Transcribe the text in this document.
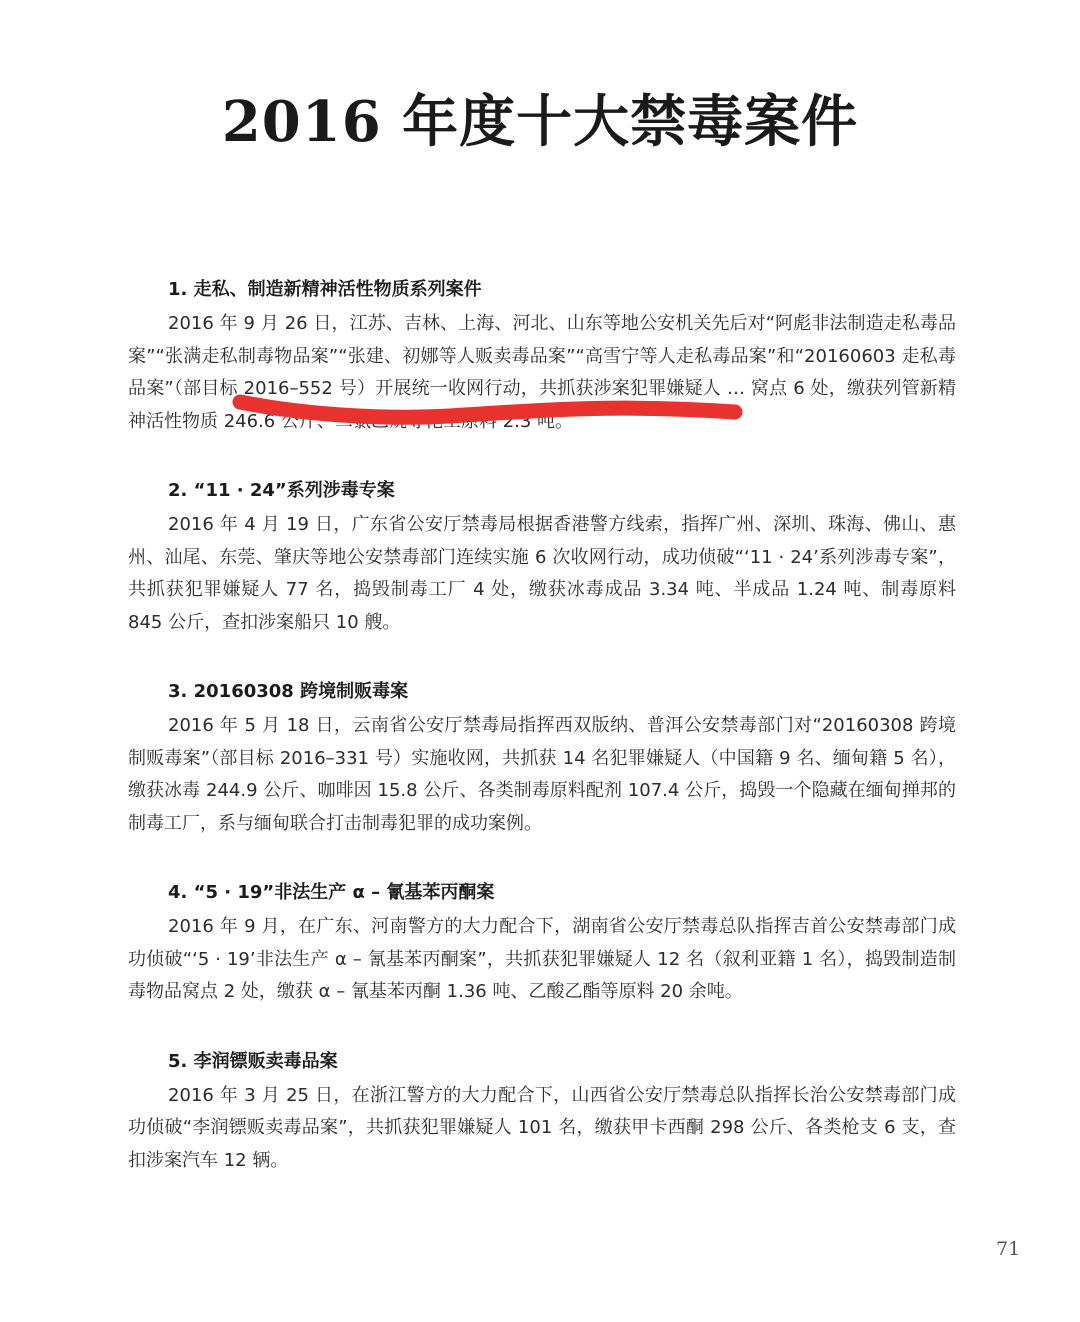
2016 年度十大禁毒案件

1. 走私、制造新精神活性物质系列案件

2016 年 9 月 26 日，江苏、吉林、上海、河北、山东等地公安机关先后对“阿彪非法制造走私毒品案”“张满走私制毒物品案”“张建、初娜等人贩卖毒品案”“高雪宁等人走私毒品案”和“20160603 走私毒品案”（部目标 2016–552 号）开展统一收网行动，共抓获涉案犯罪嫌疑人 … 窝点 6 处，缴获列管新精神活性物质 246.6 公斤、二氯乙烷等化工原料 2.3 吨。

2. “11 · 24”系列涉毒专案

2016 年 4 月 19 日，广东省公安厅禁毒局根据香港警方线索，指挥广州、深圳、珠海、佛山、惠州、汕尾、东莞、肇庆等地公安禁毒部门连续实施 6 次收网行动，成功侦破“‘11 · 24’系列涉毒专案”，共抓获犯罪嫌疑人 77 名，捣毁制毒工厂 4 处，缴获冰毒成品 3.34 吨、半成品 1.24 吨、制毒原料 845 公斤，查扣涉案船只 10 艘。

3. 20160308 跨境制贩毒案

2016 年 5 月 18 日，云南省公安厅禁毒局指挥西双版纳、普洱公安禁毒部门对“20160308 跨境制贩毒案”（部目标 2016–331 号）实施收网，共抓获 14 名犯罪嫌疑人（中国籍 9 名、缅甸籍 5 名），缴获冰毒 244.9 公斤、咖啡因 15.8 公斤、各类制毒原料配剂 107.4 公斤，捣毁一个隐藏在缅甸掸邦的制毒工厂，系与缅甸联合打击制毒犯罪的成功案例。

4. “5 · 19”非法生产 α – 氰基苯丙酮案

2016 年 9 月，在广东、河南警方的大力配合下，湖南省公安厅禁毒总队指挥吉首公安禁毒部门成功侦破“‘5 · 19’非法生产 α – 氰基苯丙酮案”，共抓获犯罪嫌疑人 12 名（叙利亚籍 1 名），捣毁制造制毒物品窝点 2 处，缴获 α – 氰基苯丙酮 1.36 吨、乙酸乙酯等原料 20 余吨。

5. 李润镖贩卖毒品案

2016 年 3 月 25 日，在浙江警方的大力配合下，山西省公安厅禁毒总队指挥长治公安禁毒部门成功侦破“李润镖贩卖毒品案”，共抓获犯罪嫌疑人 101 名，缴获甲卡西酮 298 公斤、各类枪支 6 支，查扣涉案汽车 12 辆。

71
